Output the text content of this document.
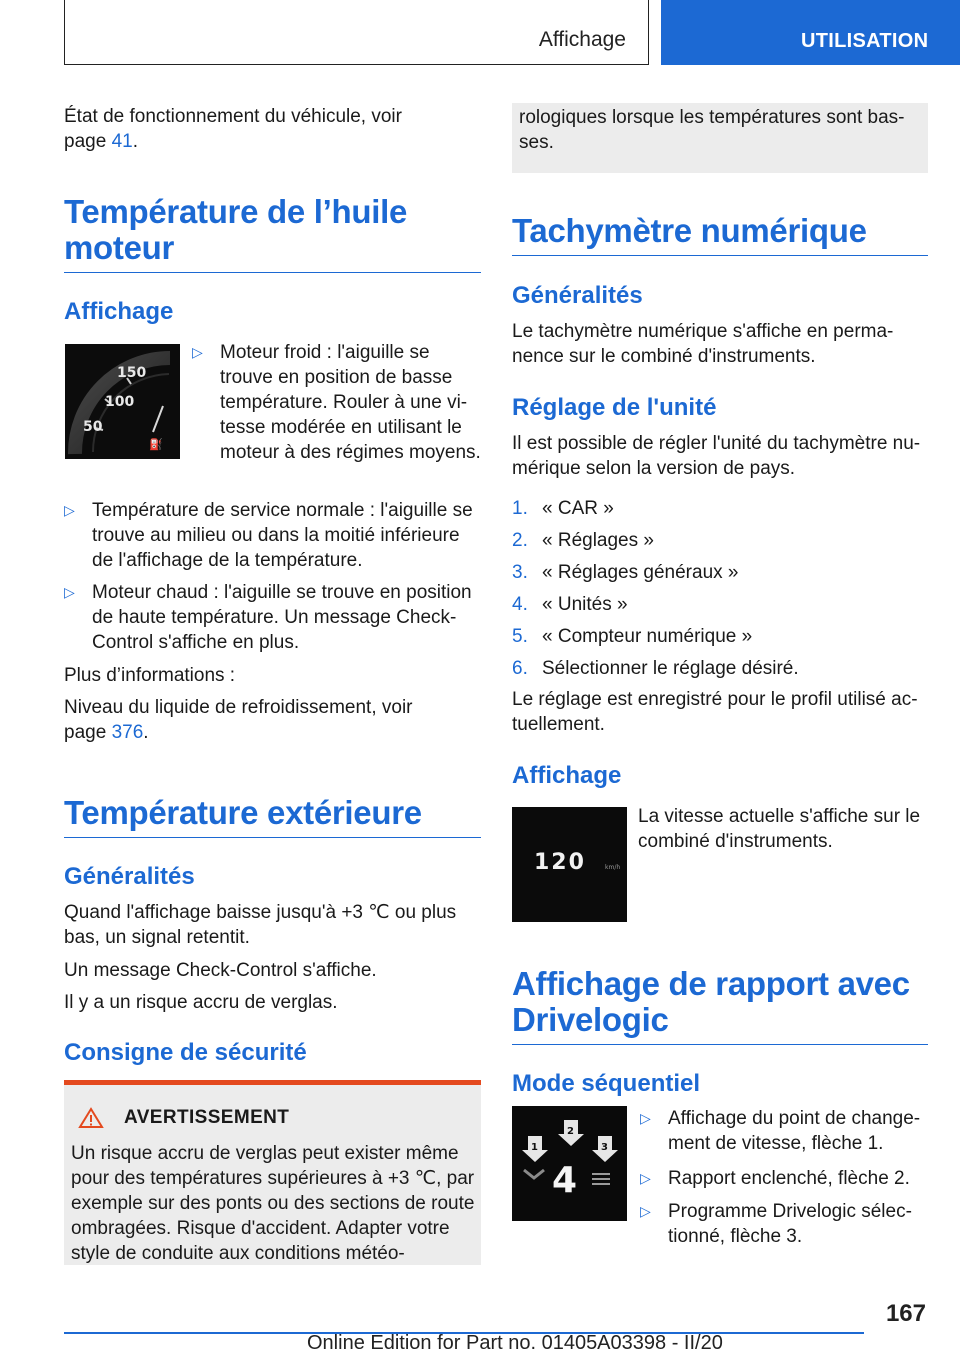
Affichage	UTILISATION

État de fonctionnement du véhicule, voir
page 41.

Température de l’huile
moteur
Affichage
150
100
50
⛽
▷ Moteur froid : l'aiguille se trouve en position de basse température. Rouler à une vi-tesse modérée en utilisant le moteur à des régimes moyens.
▷ Température de service normale : l'aiguille se trouve au milieu ou dans la moitié inférieure de l'affichage de la température.
▷ Moteur chaud : l'aiguille se trouve en position de haute température. Un message Check-Control s'affiche en plus.

Plus d’informations :

Niveau du liquide de refroidissement, voir
page 376.

Température extérieure
Généralités

Quand l'affichage baisse jusqu'à +3 ℃ ou plus bas, un signal retentit.

Un message Check-Control s'affiche.

Il y a un risque accru de verglas.

Consigne de sécurité
AVERTISSEMENT

Un risque accru de verglas peut exister même pour des températures supérieures à +3 ℃, par exemple sur des ponts ou des sections de route ombragées. Risque d'accident. Adapter votre style de conduite aux conditions météo-

rologiques lorsque les températures sont bas-ses.

Tachymètre numérique
Généralités

Le tachymètre numérique s'affiche en perma-nence sur le combiné d'instruments.

Réglage de l'unité

Il est possible de régler l'unité du tachymètre nu-mérique selon la version de pays.

1. « CAR »
2. « Réglages »
3. « Réglages généraux »
4. « Unités »
5. « Compteur numérique »
6. Sélectionner le réglage désiré.

Le réglage est enregistré pour le profil utilisé ac-tuellement.

Affichage
120	km/h

La vitesse actuelle s'affiche sur le combiné d'instruments.

Affichage de rapport avec
Drivelogic
Mode séquentiel
1
2
3
4
▷ Affichage du point de change-ment de vitesse, flèche 1.
▷ Rapport enclenché, flèche 2.
▷ Programme Drivelogic sélec-tionné, flèche 3.
167
Online Edition for Part no. 01405A03398 - II/20
